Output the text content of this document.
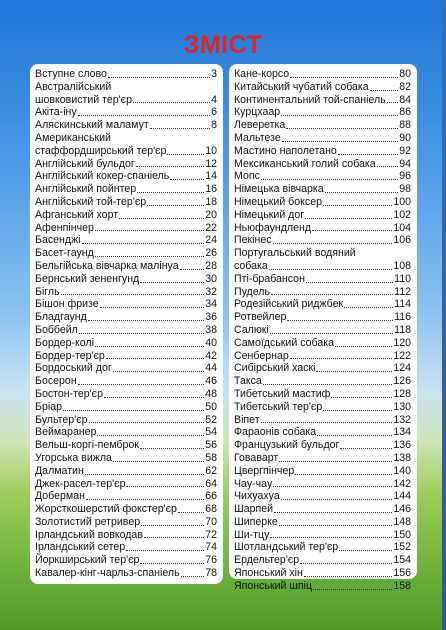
ЗМІСТ
Вступне слово	3
Австралійський
шовковистий тер'єр	4
Акіта-іну	6
Аляскинський маламут	8
Американський
стаффордширський тер'єр	10
Англійський бульдог	12
Англійський кокер-спаніель	14
Англійський пойнтер	16
Англійський той-тер'єр	18
Афганський хорт	20
Афенпінчер	22
Басенджі	24
Басет-гаунд	26
Бельгійська вівчарка малінуа	28
Бернський зененгунд	30
Бігль	32
Бішон фризе	34
Бладгаунд	36
Боббейл	38
Бордер-колі	40
Бордер-тер'єр	42
Бордоський дог	44
Босерон	46
Бостон-тер'єр	48
Бріар	50
Бультер'єр	52
Веймаранер	54
Вельш-коргі-пемброк	56
Угорська вижла	58
Далматин	62
Джек-расел-тер'єр	64
Доберман	66
Жорсткошерстий фокстер'єр	68
Золотистий ретривер	70
Ірландський вовкодав	72
Ірландський сетер	74
Йоркширський тер'єр	76
Кавалер-кінг-чарльз-спаніель 78
Кане-корсо	80
Китайський чубатий собака	82
Континентальний той-спаніель 84
Курцхаар	86
Леверетка	88
Мальтезе	90
Мастино наполетано	92
Мексиканський голий собака 94
Мопс	96
Німецька вівчарка	98
Німецький боксер	100
Німецький дог	102
Ньюфаундленд	104
Пекінес	106
Португальський водяний
собака	108
Пті-брабансон	110
Пудель	112
Родезійський риджбек	114
Ротвейлер	116
Салюкі	118
Самоїдський собака	120
Сенбернар	122
Сибірський хаскі	124
Такса	126
Тибетський мастиф	128
Тибетський тер'єр	130
Віпет	132
Фараонів собака	134
Французький бульдог	136
Говаварт	138
Цвергпінчер	140
Чау-чау	142
Чихуахуа	144
Шарпей	146
Шиперке	148
Ши-тцу	150
Шотландський тер'єр	152
Ердельтер'єр	154
Японський хін	156
Японський шпіц	158
